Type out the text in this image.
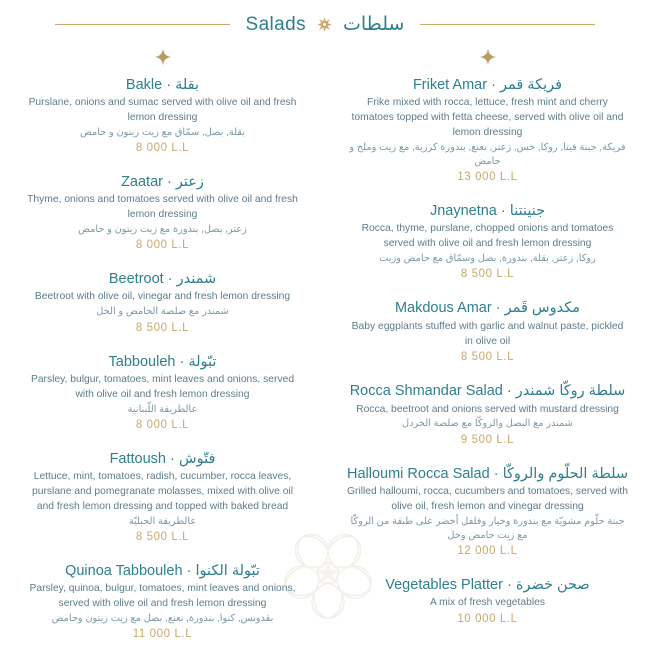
Salads سلطات
Bakle · بقلة
Purslane, onions and sumac served with olive oil and fresh lemon dressing
بقلة, بصل, سمّاق مع زيت زيتون و حامض
8 000 L.L
Zaatar · زعتر
Thyme, onions and tomatoes served with olive oil and fresh lemon dressing
زعتر, بصل, بندورة مع زيت زيتون و حامض
8 000 L.L
Beetroot · شمندر
Beetroot with olive oil, vinegar and fresh lemon dressing
شمندر مع صلصة الحامض و الخل
8 500 L.L
Tabbouleh · تبّولة
Parsley, bulgur, tomatoes, mint leaves and onions, served with olive oil and fresh lemon dressing
عالطريقة اللّبنانية
8 000 L.L
Fattoush · فتّوش
Lettuce, mint, tomatoes, radish, cucumber, rocca leaves, purslane and pomegranate molasses, mixed with olive oil and fresh lemon dressing and topped with baked bread
عالطريقة الجبليّة
8 500 L.L
Quinoa Tabbouleh · تبّولة الكنوا
Parsley, quinoa, bulgur, tomatoes, mint leaves and onions, served with olive oil and fresh lemon dressing
بقدونس, كنوا, بندورة, نعنع, بصل مع زيت زيتون وحامض
11 000 L.L
Friket Amar · فريكة قمر
Frike mixed with rocca, lettuce, fresh mint and cherry tomatoes topped with fetta cheese, served with olive oil and lemon dressing
فريكة, جبنة فيتا, روكا, خس, زعتر, نعنع, بندورة كرزية, مع زيت وملح و حامض
13 000 L.L
Jnaynetna · جنينتنا
Rocca, thyme, purslane, chopped onions and tomatoes served with olive oil and fresh lemon dressing
روكا, زعتر, بقلة, بندورة, بصل وسمّاق مع حامض وزيت
8 500 L.L
Makdous Amar · مكدوس قَمر
Baby eggplants stuffed with garlic and walnut paste, pickled in olive oil
8 500 L.L
Rocca Shmandar Salad · سلطة روكّا شمندر
Rocca, beetroot and onions served with mustard dressing
شمندر مع البصل والروكّا مع صلصة الخردل
9 500 L.L
Halloumi Rocca Salad · سلطة الحلّوم والروكّا
Grilled halloumi, rocca, cucumbers and tomatoes, served with olive oil, fresh lemon and vinegar dressing
جبنة حلّوم مشويّة مع بندورة وخيار وفلفل أخضر على طبقة من الروكّا مع زيت حامض وخل
12 000 L.L
Vegetables Platter · صحن خضرة
A mix of fresh vegetables
10 000 L.L
